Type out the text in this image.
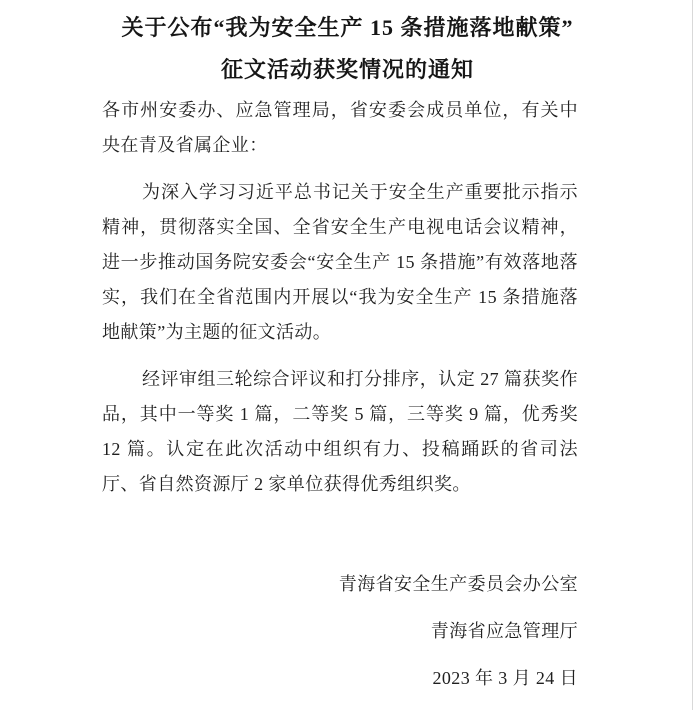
关于公布“我为安全生产 15 条措施落地献策”
征文活动获奖情况的通知

各市州安委办、应急管理局，省安委会成员单位，有关中央在青及省属企业：

为深入学习习近平总书记关于安全生产重要批示指示精神，贯彻落实全国、全省安全生产电视电话会议精神，进一步推动国务院安委会“安全生产 15 条措施”有效落地落实，我们在全省范围内开展以“我为安全生产 15 条措施落地献策”为主题的征文活动。

经评审组三轮综合评议和打分排序，认定 27 篇获奖作品，其中一等奖 1 篇，二等奖 5 篇，三等奖 9 篇，优秀奖 12 篇。认定在此次活动中组织有力、投稿踊跃的省司法厅、省自然资源厅 2 家单位获得优秀组织奖。

青海省安全生产委员会办公室
青海省应急管理厅
2023 年 3 月 24 日
